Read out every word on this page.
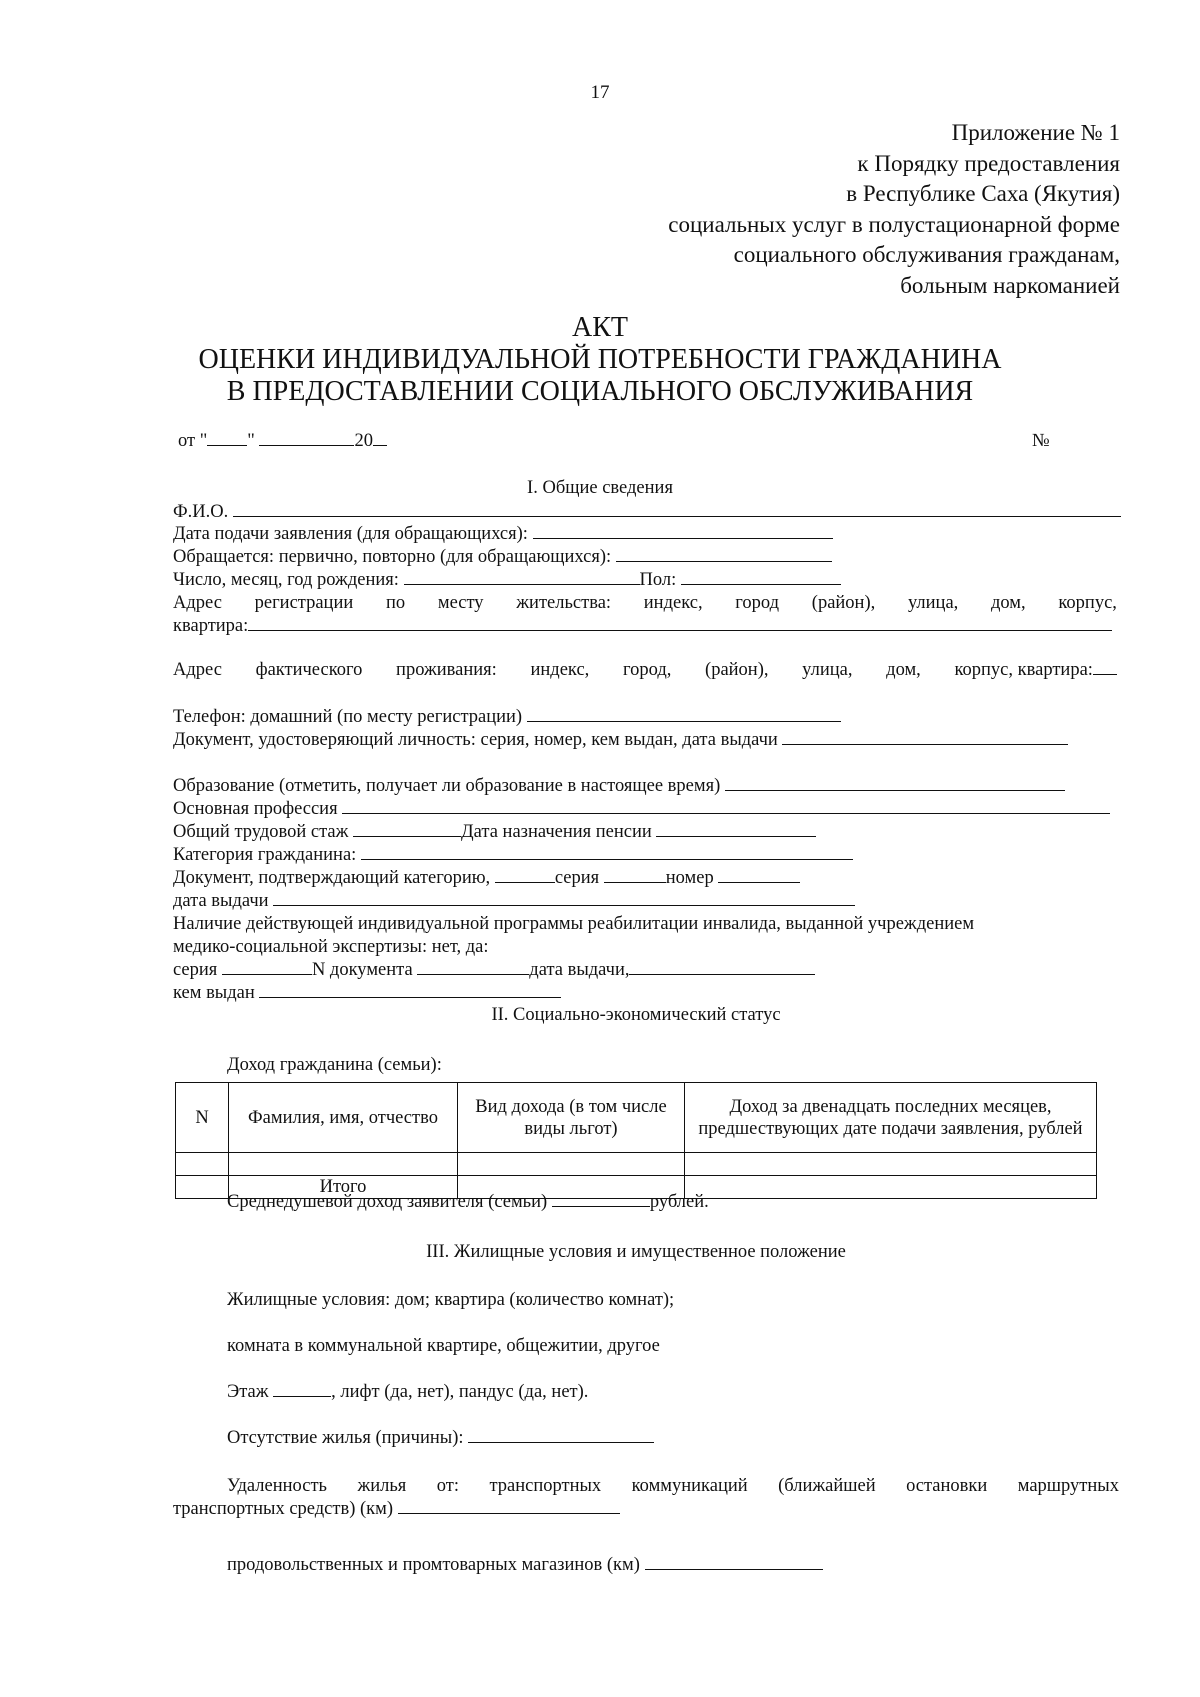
17
Приложение № 1
к Порядку предоставления
в Республике Саха (Якутия)
социальных услуг в полустационарной форме
социального обслуживания гражданам,
больным наркоманией
АКТ
ОЦЕНКИ ИНДИВИДУАЛЬНОЙ ПОТРЕБНОСТИ ГРАЖДАНИНА
В ПРЕДОСТАВЛЕНИИ СОЦИАЛЬНОГО ОБСЛУЖИВАНИЯ
от " "	20	№
I. Общие сведения
Ф.И.О.
Дата подачи заявления (для обращающихся):
Обращается: первично, повторно (для обращающихся):
Число, месяц, год рождения:	Пол:
Адрес регистрации по месту жительства: индекс, город (район), улица, дом, корпус,
квартира:
Адрес фактического проживания: индекс, город, (район), улица, дом, корпус, квартира:
Телефон: домашний (по месту регистрации)
Документ, удостоверяющий личность: серия, номер, кем выдан, дата выдачи
Образование (отметить, получает ли образование в настоящее время)
Основная профессия
Общий трудовой стаж	Дата назначения пенсии
Категория гражданина:
Документ, подтверждающий категорию,	серия	номер
дата выдачи
Наличие действующей индивидуальной программы реабилитации инвалида, выданной учреждением
медико-социальной экспертизы: нет, да:
серия	N документа	дата выдачи,
кем выдан
II. Социально-экономический статус
Доход гражданина (семьи):
N	Фамилия, имя, отчество	Вид дохода (в том числе виды льгот)	Доход за двенадцать последних месяцев, предшествующих дате подачи заявления, рублей

	Итого		
Среднедушевой доход заявителя (семьи)	рублей.
III. Жилищные условия и имущественное положение
Жилищные условия: дом; квартира (количество комнат);
комната в коммунальной квартире, общежитии, другое
Этаж	, лифт (да, нет), пандус (да, нет).
Отсутствие жилья (причины):
Удаленность жилья от: транспортных коммуникаций (ближайшей остановки маршрутных
транспортных средств) (км)
продовольственных и промтоварных магазинов (км)
